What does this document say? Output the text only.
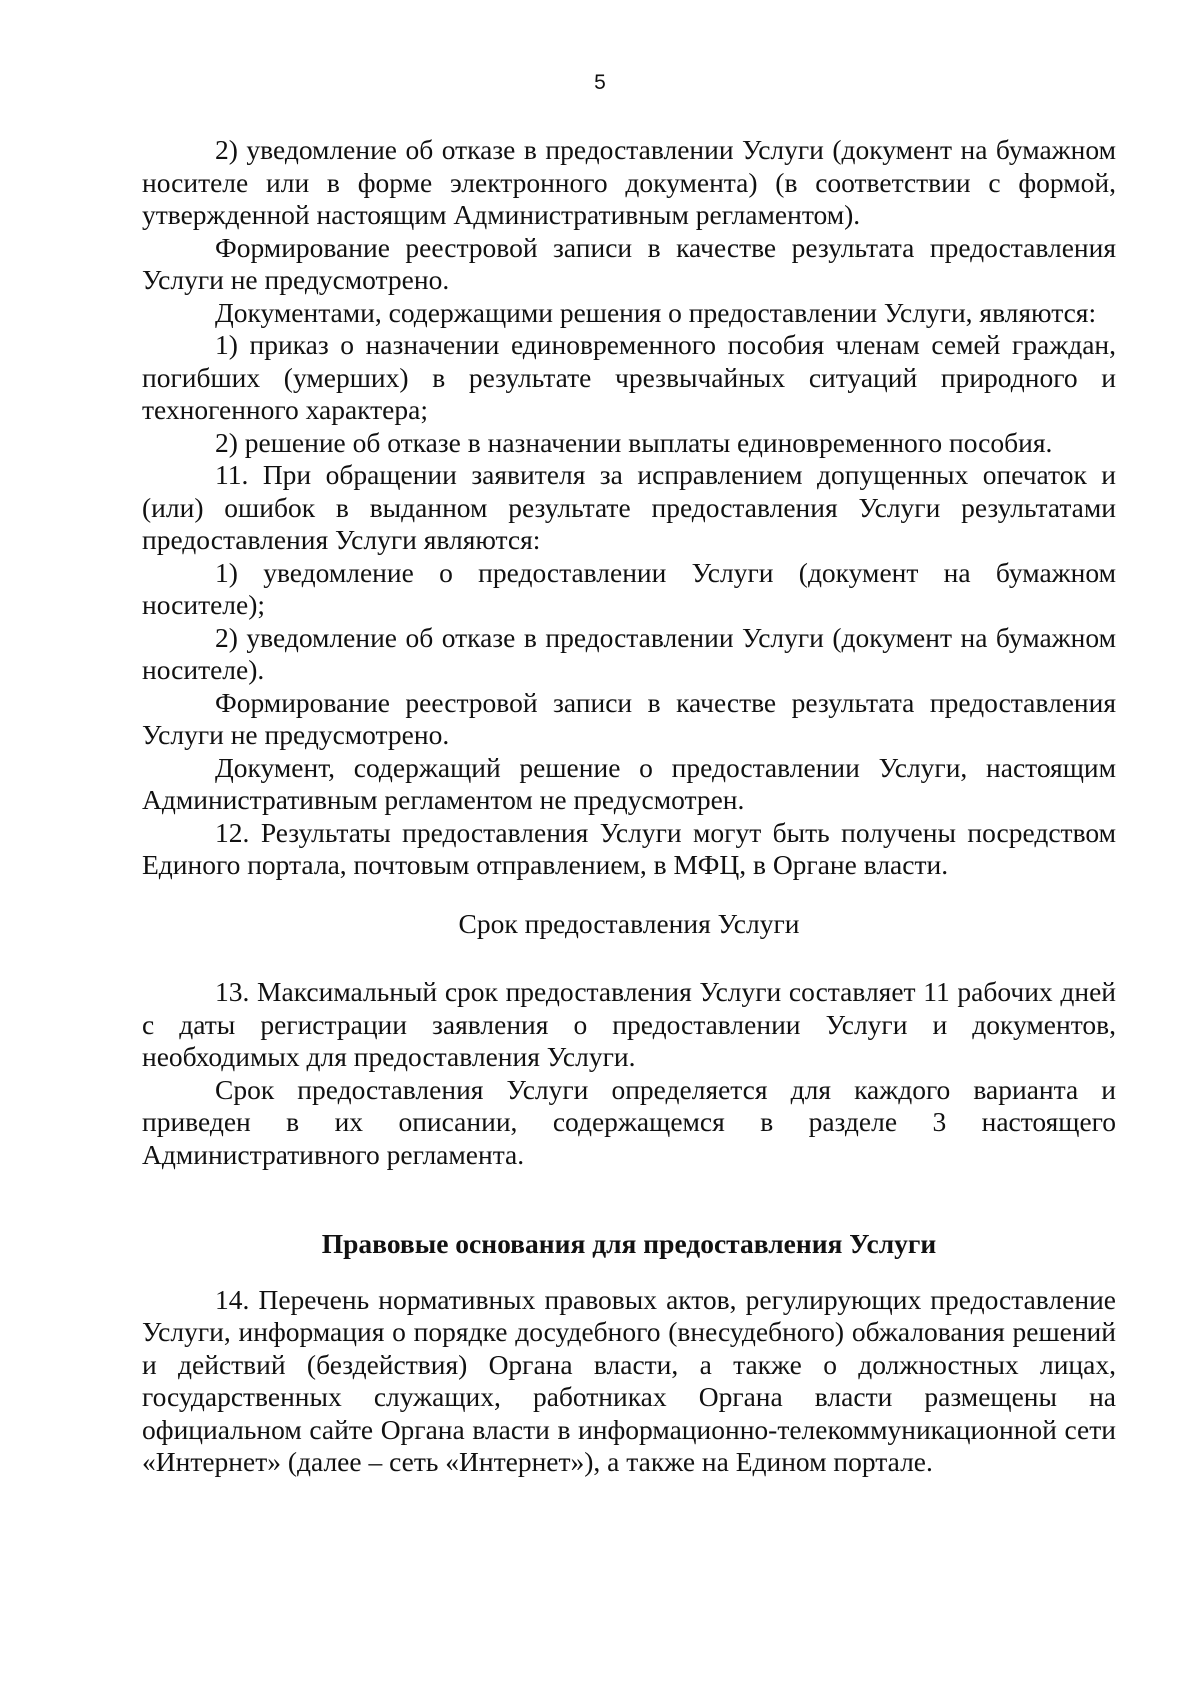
5

2) уведомление об отказе в предоставлении Услуги (документ на бумажном носителе или в форме электронного документа) (в соответствии с формой, утвержденной настоящим Административным регламентом).

Формирование реестровой записи в качестве результата предоставления Услуги не предусмотрено.

Документами, содержащими решения о предоставлении Услуги, являются:

1) приказ о назначении единовременного пособия членам семей граждан, погибших (умерших) в результате чрезвычайных ситуаций природного и техногенного характера;

2) решение об отказе в назначении выплаты единовременного пособия.

11. При обращении заявителя за исправлением допущенных опечаток и (или) ошибок в выданном результате предоставления Услуги результатами предоставления Услуги являются:

1) уведомление о предоставлении Услуги (документ на бумажном носителе);

2) уведомление об отказе в предоставлении Услуги (документ на бумажном носителе).

Формирование реестровой записи в качестве результата предоставления Услуги не предусмотрено.

Документ, содержащий решение о предоставлении Услуги, настоящим Административным регламентом не предусмотрен.

12. Результаты предоставления Услуги могут быть получены посредством Единого портала, почтовым отправлением, в МФЦ, в Органе власти.

Срок предоставления Услуги

13. Максимальный срок предоставления Услуги составляет 11 рабочих дней с даты регистрации заявления о предоставлении Услуги и документов, необходимых для предоставления Услуги.

Срок предоставления Услуги определяется для каждого варианта и приведен в их описании, содержащемся в разделе 3 настоящего Административного регламента.

Правовые основания для предоставления Услуги

14. Перечень нормативных правовых актов, регулирующих предоставление Услуги, информация о порядке досудебного (внесудебного) обжалования решений и действий (бездействия) Органа власти, а также о должностных лицах, государственных служащих, работниках Органа власти размещены на официальном сайте Органа власти в информационно-телекоммуникационной сети «Интернет» (далее – сеть «Интернет»), а также на Едином портале.
